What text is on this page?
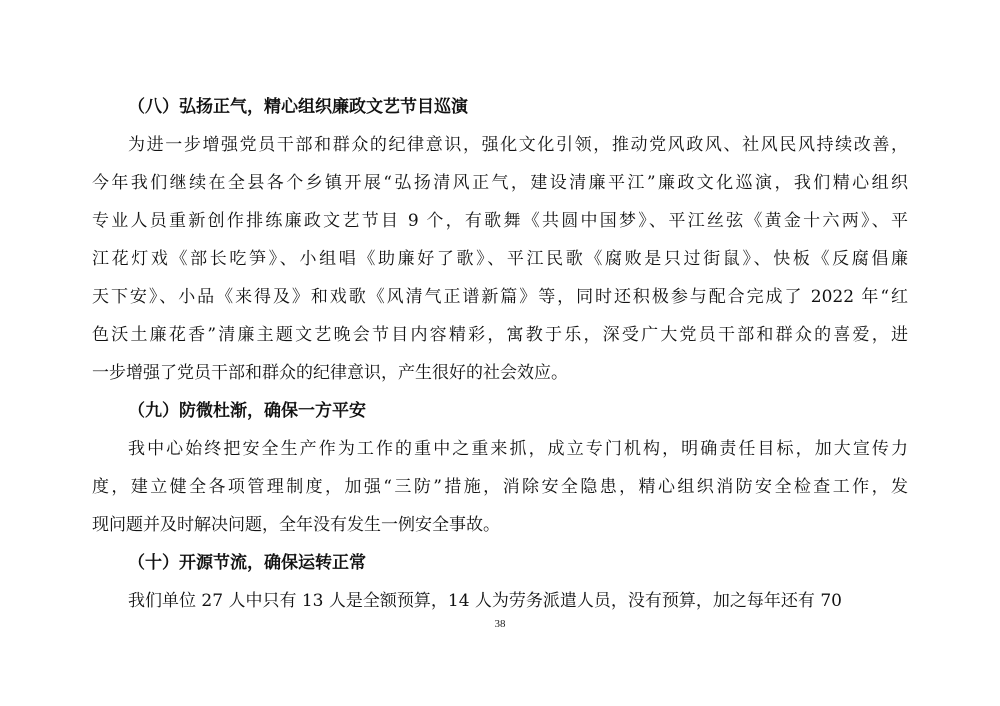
（八）弘扬正气，精心组织廉政文艺节目巡演

为进一步增强党员干部和群众的纪律意识，强化文化引领，推动党风政风、社风民风持续改善，
今年我们继续在全县各个乡镇开展“弘扬清风正气，建设清廉平江”廉政文化巡演，我们精心组织
专业人员重新创作排练廉政文艺节目 9 个，有歌舞《共圆中国梦》、平江丝弦《黄金十六两》、平
江花灯戏《部长吃笋》、小组唱《助廉好了歌》、平江民歌《腐败是只过街鼠》、快板《反腐倡廉
天下安》、小品《来得及》和戏歌《风清气正谱新篇》等，同时还积极参与配合完成了 2022 年“红
色沃土廉花香”清廉主题文艺晚会节目内容精彩，寓教于乐，深受广大党员干部和群众的喜爱，进
一步增强了党员干部和群众的纪律意识，产生很好的社会效应。

（九）防微杜渐，确保一方平安

我中心始终把安全生产作为工作的重中之重来抓，成立专门机构，明确责任目标，加大宣传力
度，建立健全各项管理制度，加强“三防”措施，消除安全隐患，精心组织消防安全检查工作，发
现问题并及时解决问题，全年没有发生一例安全事故。

（十）开源节流，确保运转正常

我们单位 27 人中只有 13 人是全额预算，14 人为劳务派遣人员，没有预算，加之每年还有 70

38
